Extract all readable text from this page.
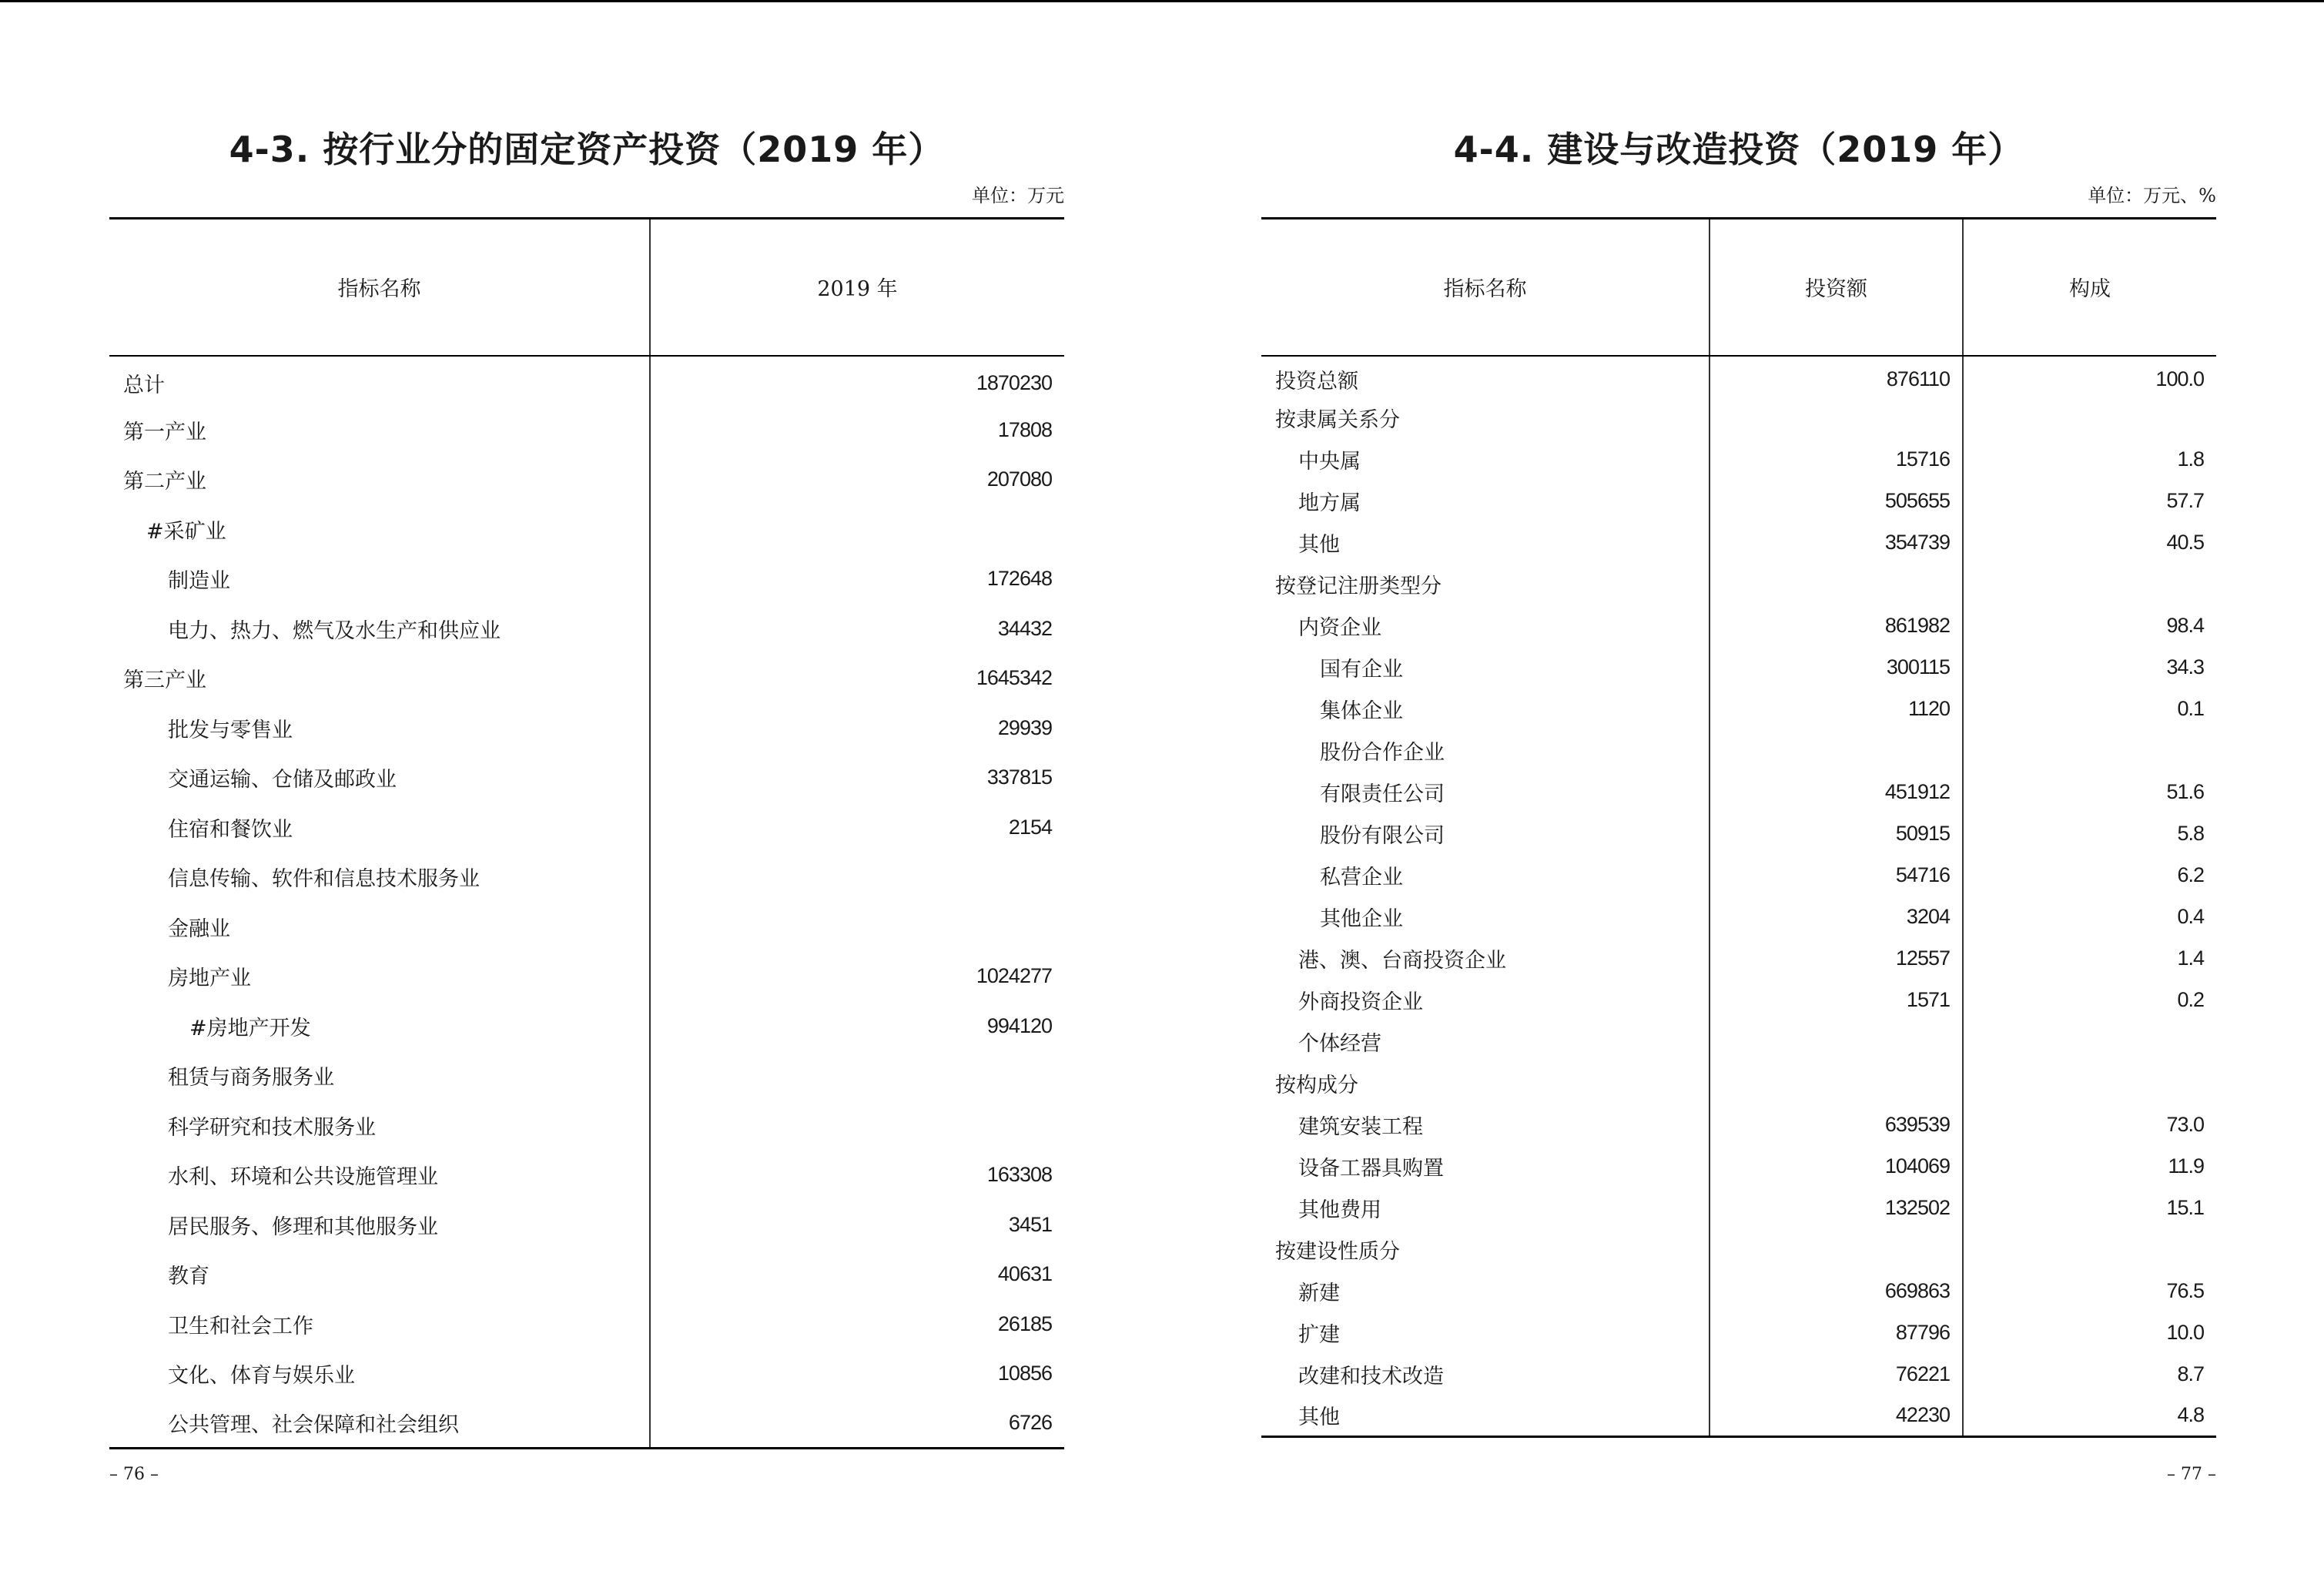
4-3. 按行业分的固定资产投资（2019 年）
单位：万元
指标名称	2019 年
总计	1870230
第一产业	17808
第二产业	207080
#采矿业	
制造业	172648
电力、热力、燃气及水生产和供应业	34432
第三产业	1645342
批发与零售业	29939
交通运输、仓储及邮政业	337815
住宿和餐饮业	2154
信息传输、软件和信息技术服务业	
金融业	
房地产业	1024277
#房地产开发	994120
租赁与商务服务业	
科学研究和技术服务业	
水利、环境和公共设施管理业	163308
居民服务、修理和其他服务业	3451
教育	40631
卫生和社会工作	26185
文化、体育与娱乐业	10856
公共管理、社会保障和社会组织	6726
– 76 –
4-4. 建设与改造投资（2019 年）
单位：万元、%
指标名称	投资额	构成
投资总额	876110	100.0
按隶属关系分		
中央属	15716	1.8
地方属	505655	57.7
其他	354739	40.5
按登记注册类型分		
内资企业	861982	98.4
国有企业	300115	34.3
集体企业	1120	0.1
股份合作企业		
有限责任公司	451912	51.6
股份有限公司	50915	5.8
私营企业	54716	6.2
其他企业	3204	0.4
港、澳、台商投资企业	12557	1.4
外商投资企业	1571	0.2
个体经营		
按构成分		
建筑安装工程	639539	73.0
设备工器具购置	104069	11.9
其他费用	132502	15.1
按建设性质分		
新建	669863	76.5
扩建	87796	10.0
改建和技术改造	76221	8.7
其他	42230	4.8
– 77 –
